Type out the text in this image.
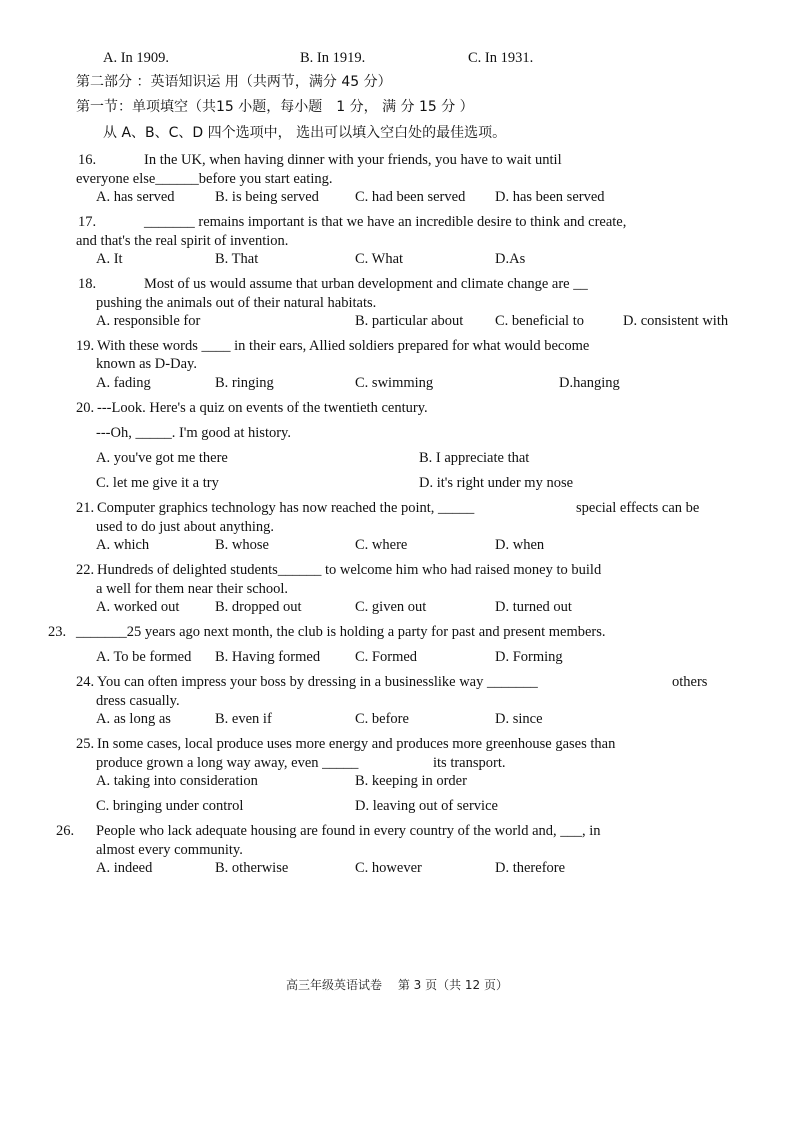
A. In 1909.	B. In 1919.	C. In 1931.
第二部分 ：英语知识运 用（共两节，满分 45 分）
第一节：单项填空（共15 小题，每小题　1 分， 满 分 15 分 ）
从 A、B、C、D 四个选项中， 选出可以填入空白处的最佳选项。
16.	In the UK, when having dinner with your friends, you have to wait until
everyone else______before you start eating.
A. has served	B. is being served C. had been served D. has been served
17.	_______ remains important is that we have an incredible desire to think and create,
and that's the real spirit of invention.
A. It	B. That	C. What	D.As
18.	Most of us would assume that urban development and climate change are __
pushing the animals out of their natural habitats.
A. responsible for	B. particular about C. beneficial to	D. consistent with
19. With these words ____ in their ears, Allied soldiers prepared for what would become
known as D-Day.
A. fading	B. ringing	C. swimming	D.hanging
20. ---Look. Here's a quiz on events of the twentieth century.
---Oh, _____. I'm good at history.
A. you've got me there	B. I appreciate that
C. let me give it a try	D. it's right under my nose
21. Computer graphics technology has now reached the point, _____	special effects can be
used to do just about anything.
A. which	B. whose	C. where	D. when
22. Hundreds of delighted students______ to welcome him who had raised money to build
a well for them near their school.
A. worked out B. dropped out	C. given out	D. turned out
23. _______25 years ago next month, the club is holding a party for past and present members.
A. To be formed B. Having formed C. Formed	D. Forming
24. You can often impress your boss by dressing in a businesslike way _______	others
dress casually.
A. as long as	B. even if	C. before	D. since
25. In some cases, local produce uses more energy and produces more greenhouse gases than
produce grown a long way away, even _____	its transport.
A. taking into consideration	B. keeping in order
C. bringing under control	D. leaving out of service
26. People who lack adequate housing are found in every country of the world and, ___, in
almost every community.
A. indeed	B. otherwise	C. however	D. therefore
高三年级英语试卷　 第 3 页（共 12 页）
